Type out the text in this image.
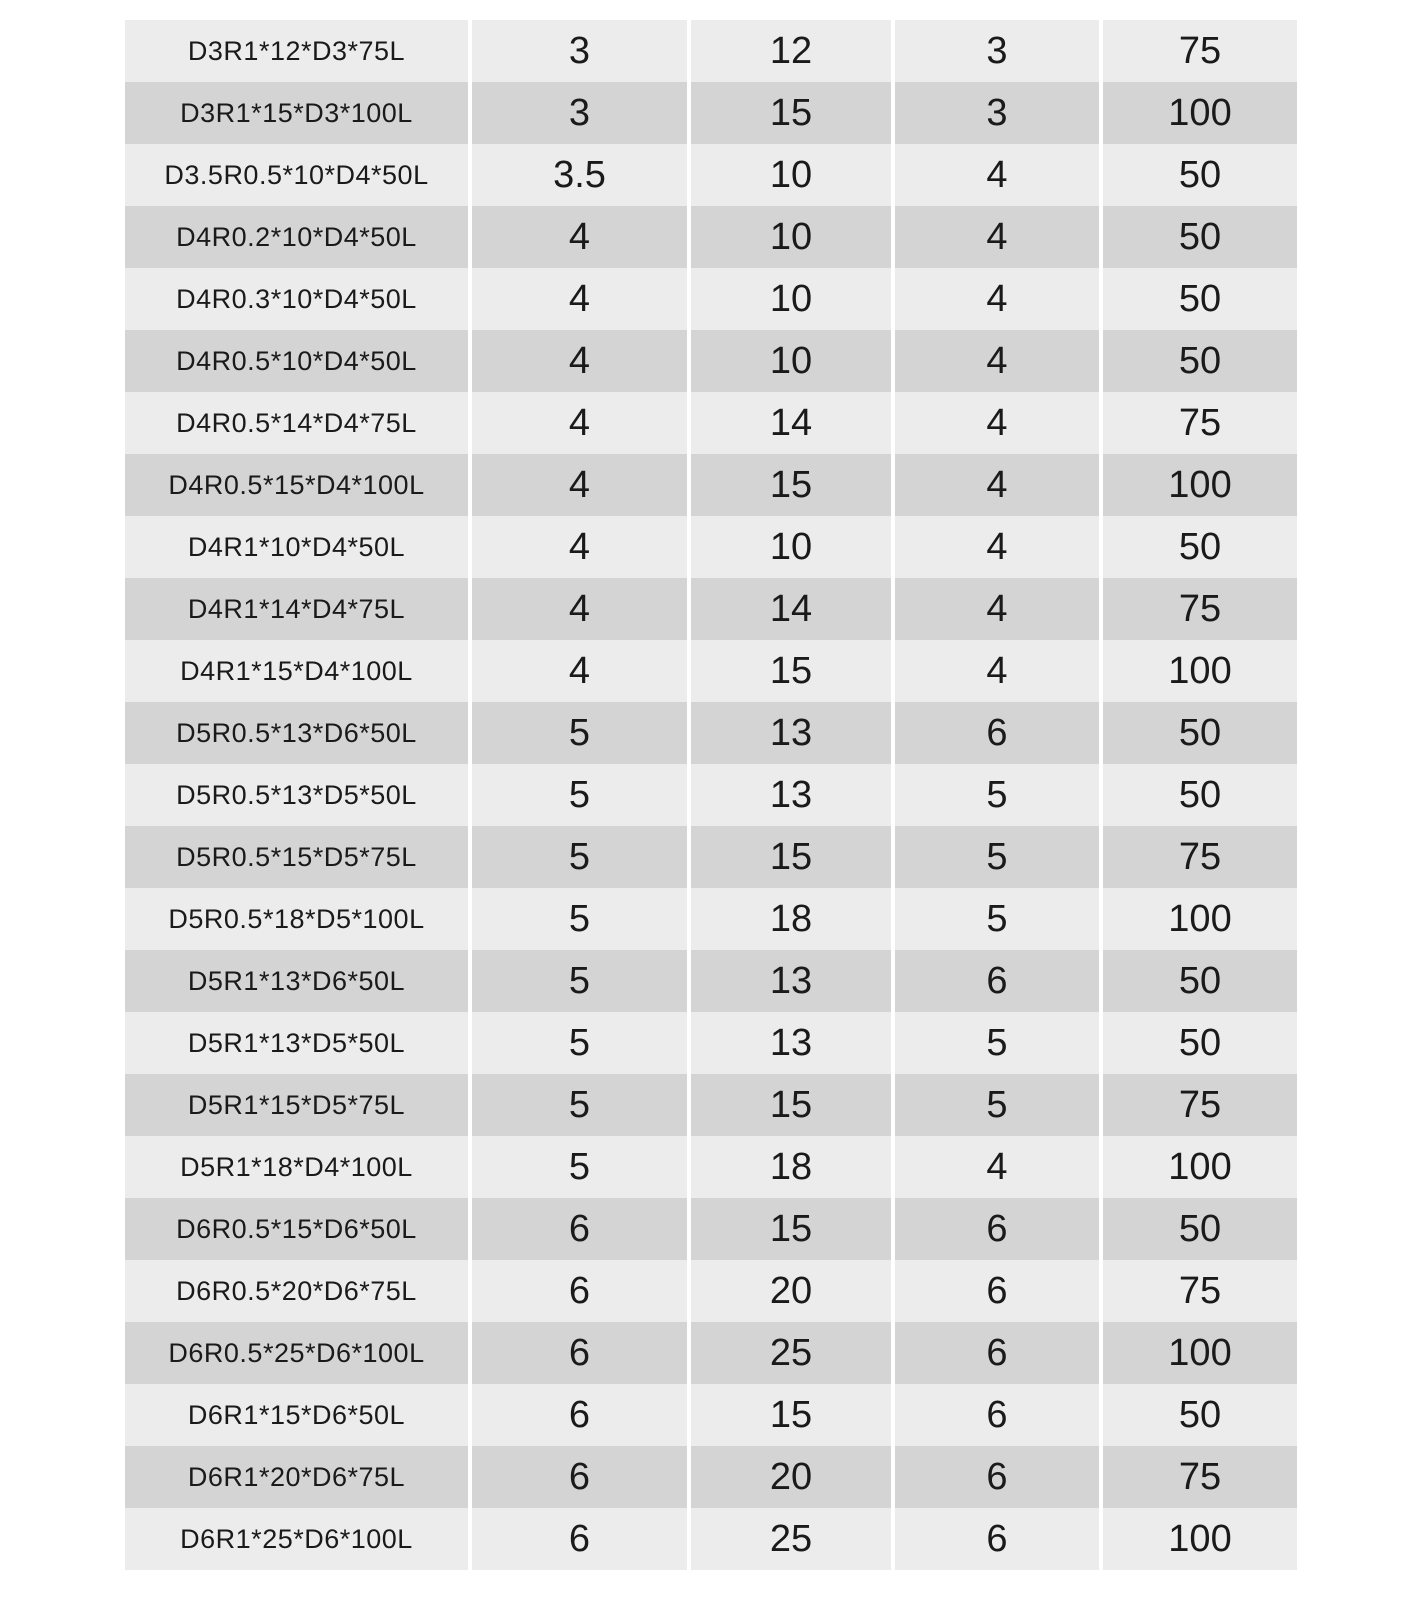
D3R1*12*D3*75L	3	12	3	75
D3R1*15*D3*100L	3	15	3	100
D3.5R0.5*10*D4*50L	3.5	10	4	50
D4R0.2*10*D4*50L	4	10	4	50
D4R0.3*10*D4*50L	4	10	4	50
D4R0.5*10*D4*50L	4	10	4	50
D4R0.5*14*D4*75L	4	14	4	75
D4R0.5*15*D4*100L	4	15	4	100
D4R1*10*D4*50L	4	10	4	50
D4R1*14*D4*75L	4	14	4	75
D4R1*15*D4*100L	4	15	4	100
D5R0.5*13*D6*50L	5	13	6	50
D5R0.5*13*D5*50L	5	13	5	50
D5R0.5*15*D5*75L	5	15	5	75
D5R0.5*18*D5*100L	5	18	5	100
D5R1*13*D6*50L	5	13	6	50
D5R1*13*D5*50L	5	13	5	50
D5R1*15*D5*75L	5	15	5	75
D5R1*18*D4*100L	5	18	4	100
D6R0.5*15*D6*50L	6	15	6	50
D6R0.5*20*D6*75L	6	20	6	75
D6R0.5*25*D6*100L	6	25	6	100
D6R1*15*D6*50L	6	15	6	50
D6R1*20*D6*75L	6	20	6	75
D6R1*25*D6*100L	6	25	6	100
